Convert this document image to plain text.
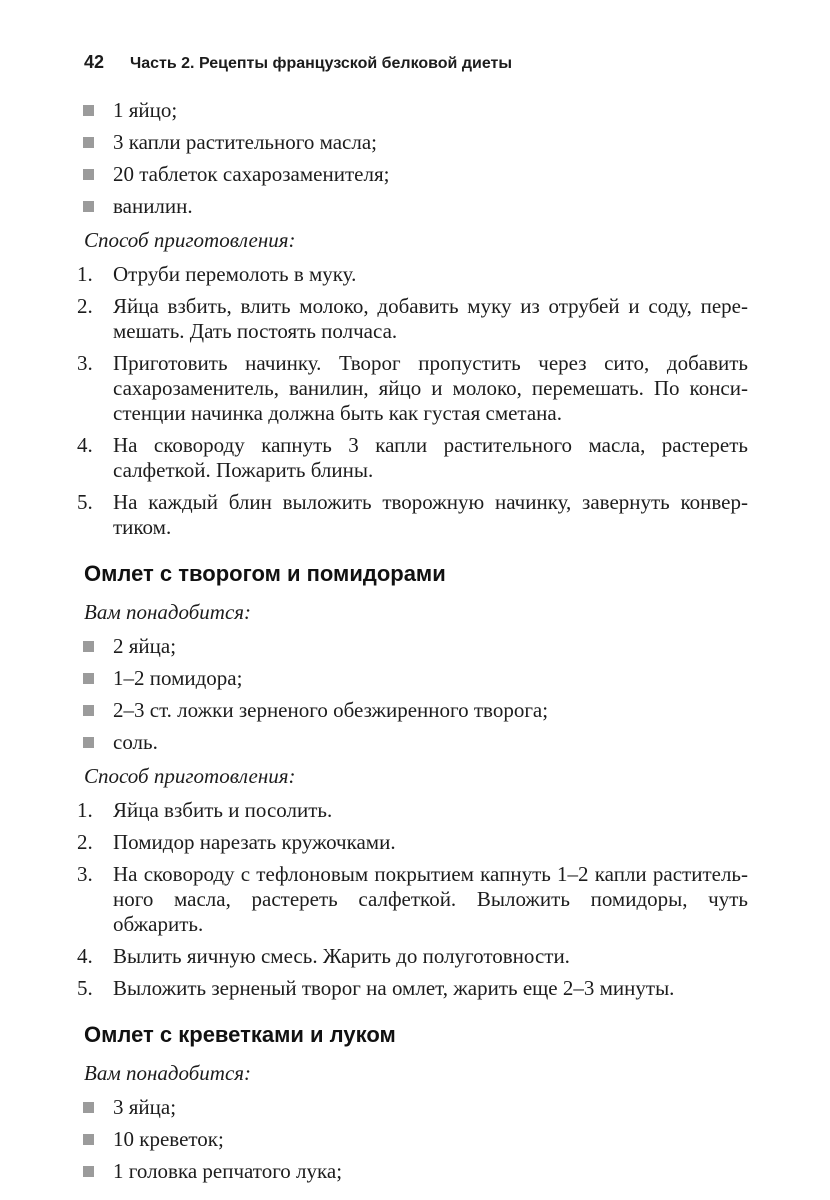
42 Часть 2. Рецепты французской белковой диеты
1 яйцо;
3 капли растительного масла;
20 таблеток сахарозаменителя;
ванилин.

Способ приготовления:

1. Отруби перемолоть в муку.
2. Яйца взбить, влить молоко, добавить муку из отрубей и соду, перемешать. Дать постоять полчаса.
3. Приготовить начинку. Творог пропустить через сито, добавить сахарозаменитель, ванилин, яйцо и молоко, перемешать. По консистенции начинка должна быть как густая сметана.
4. На сковороду капнуть 3 капли растительного масла, растереть салфеткой. Пожарить блины.
5. На каждый блин выложить творожную начинку, завернуть конвертиком.
Омлет с творогом и помидорами

Вам понадобится:

2 яйца;
1–2 помидора;
2–3 ст. ложки зерненого обезжиренного творога;
соль.

Способ приготовления:

1. Яйца взбить и посолить.
2. Помидор нарезать кружочками.
3. На сковороду с тефлоновым покрытием капнуть 1–2 капли растительного масла, растереть салфеткой. Выложить помидоры, чуть обжарить.
4. Вылить яичную смесь. Жарить до полуготовности.
5. Выложить зерненый творог на омлет, жарить еще 2–3 минуты.
Омлет с креветками и луком

Вам понадобится:

3 яйца;
10 креветок;
1 головка репчатого лука;
